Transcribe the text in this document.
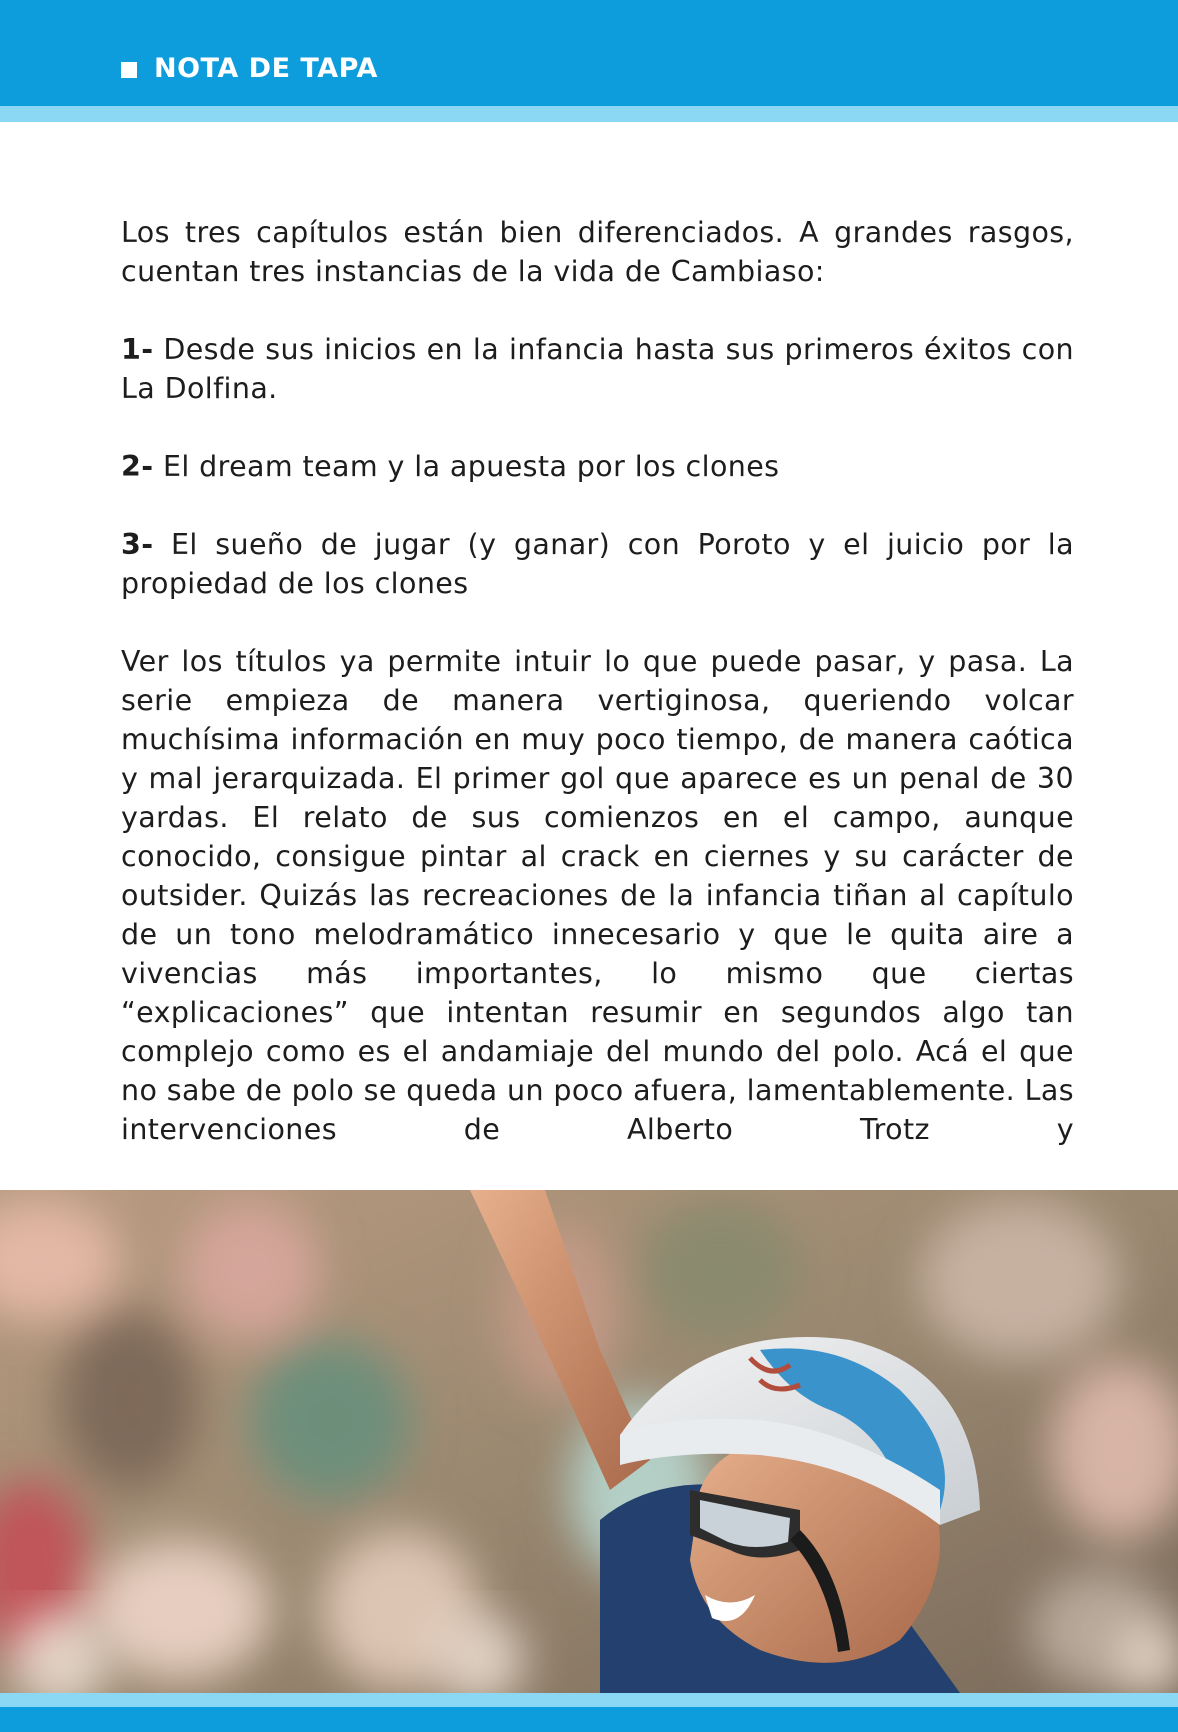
NOTA DE TAPA

Los tres capítulos están bien diferenciados. A grandes rasgos, cuentan tres instancias de la vida de Cambiaso:

1- Desde sus inicios en la infancia hasta sus primeros éxitos con La Dolfina.

2- El dream team y la apuesta por los clones

3- El sueño de jugar (y ganar) con Poroto y el juicio por la propiedad de los clones

Ver los títulos ya permite intuir lo que puede pasar, y pasa. La serie empieza de manera vertiginosa, queriendo volcar muchísima información en muy poco tiempo, de manera caótica y mal jerarquizada. El primer gol que aparece es un penal de 30 yardas. El relato de sus comienzos en el campo, aunque conocido, consigue pintar al crack en ciernes y su carácter de outsider. Quizás las recreaciones de la infancia tiñan al capítulo de un tono melodramático innecesario y que le quita aire a vivencias más importantes, lo mismo que ciertas “explicaciones” que intentan resumir en segundos algo tan complejo como es el andamiaje del mundo del polo. Acá el que no sabe de polo se queda un poco afuera, lamentablemente. Las intervenciones de Alberto Trotz y
